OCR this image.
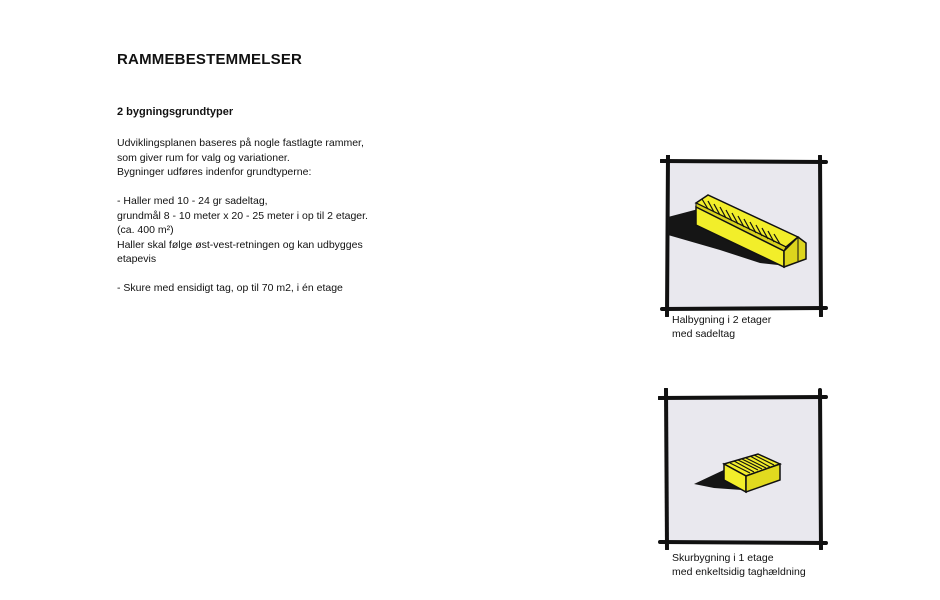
RAMMEBESTEMMELSER
2 bygningsgrundtyper

Udviklingsplanen baseres på nogle fastlagte rammer,

som giver rum for valg og variationer.

Bygninger udføres indenfor grundtyperne:

- Haller med 10 - 24 gr sadeltag,

grundmål 8 - 10 meter x 20 - 25 meter i op til 2 etager.

(ca. 400 m²)

Haller skal følge øst-vest-retningen og kan udbygges

etapevis

- Skure med ensidigt tag, op til 70 m2, i én etage

Halbygning i 2 etager

med sadeltag

Skurbygning i 1 etage

med enkeltsidig taghældning
